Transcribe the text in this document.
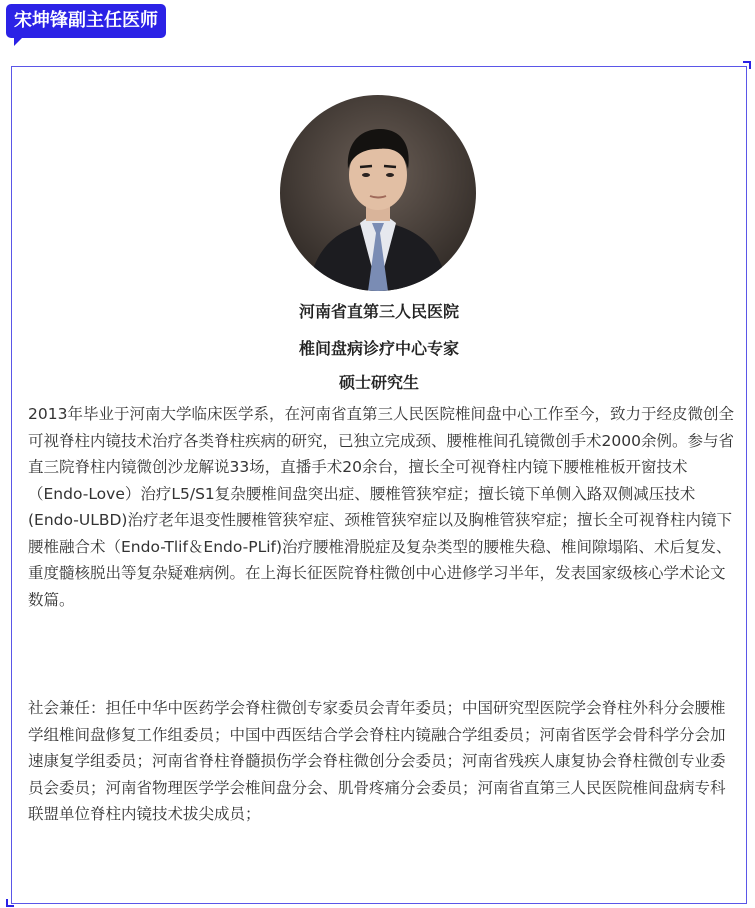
宋坤锋副主任医师
河南省直第三人民医院
椎间盘病诊疗中心专家
硕士研究生

2013年毕业于河南大学临床医学系，在河南省直第三人民医院椎间盘中心工作至今，致力于经皮微创全可视脊柱内镜技术治疗各类脊柱疾病的研究，已独立完成颈、腰椎椎间孔镜微创手术2000余例。参与省直三院脊柱内镜微创沙龙解说33场，直播手术20余台，擅长全可视脊柱内镜下腰椎椎板开窗技术（Endo-Love）治疗L5/S1复杂腰椎间盘突出症、腰椎管狭窄症；擅长镜下单侧入路双侧减压技术(Endo-ULBD)治疗老年退变性腰椎管狭窄症、颈椎管狭窄症以及胸椎管狭窄症；擅长全可视脊柱内镜下腰椎融合术（Endo-Tlif＆Endo-PLif)治疗腰椎滑脱症及复杂类型的腰椎失稳、椎间隙塌陷、术后复发、重度髓核脱出等复杂疑难病例。在上海长征医院脊柱微创中心进修学习半年，发表国家级核心学术论文数篇。

社会兼任：担任中华中医药学会脊柱微创专家委员会青年委员；中国研究型医院学会脊柱外科分会腰椎学组椎间盘修复工作组委员；中国中西医结合学会脊柱内镜融合学组委员；河南省医学会骨科学分会加速康复学组委员；河南省脊柱脊髓损伤学会脊柱微创分会委员；河南省残疾人康复协会脊柱微创专业委员会委员；河南省物理医学学会椎间盘分会、肌骨疼痛分会委员；河南省直第三人民医院椎间盘病专科联盟单位脊柱内镜技术拔尖成员；
